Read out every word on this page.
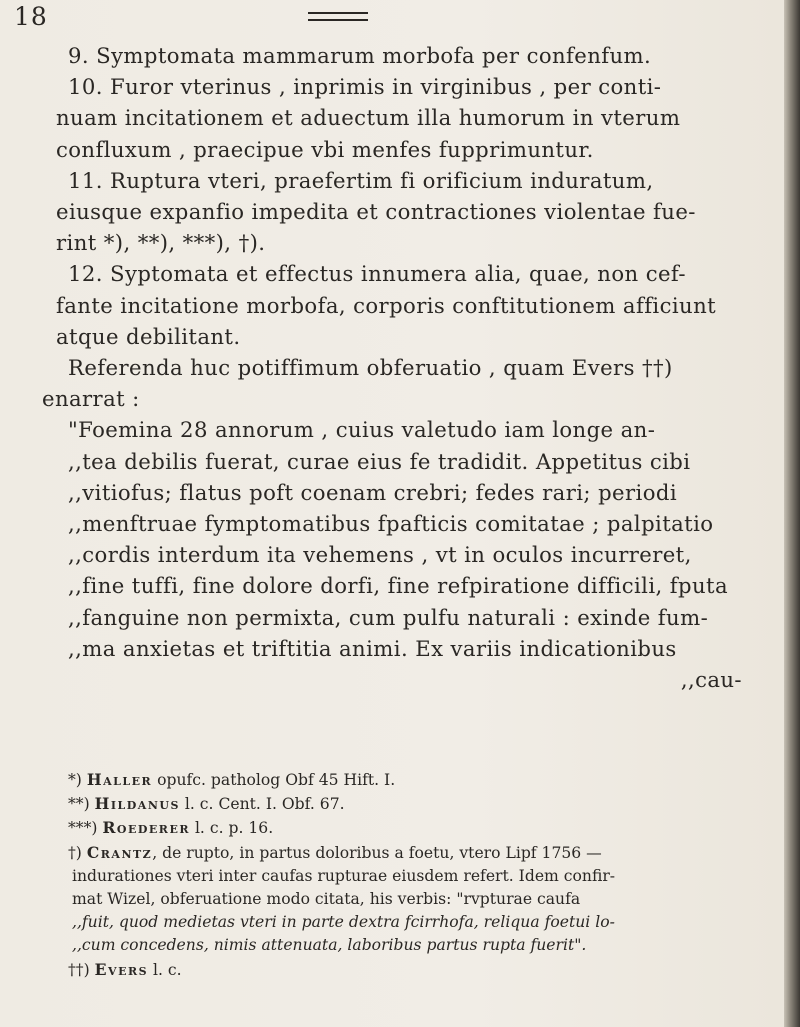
18

9. Symptomata mammarum morbofa per confenfum.

10. Furor vterinus , inprimis in virginibus , per conti-

nuam incitationem et aduectum illa humorum in vterum

confluxum , praecipue vbi menfes fupprimuntur.

11. Ruptura vteri, praefertim fi orificium induratum,

eiusque expanfio impedita et contractiones violentae fue-

rint *), **), ***), †).

12. Syptomata et effectus innumera alia, quae, non cef-

fante incitatione morbofa, corporis conftitutionem afficiunt

atque debilitant.

Referenda huc potiffimum obferuatio , quam Evers ††)

enarrat :

"Foemina 28 annorum , cuius valetudo iam longe an-

,,tea debilis fuerat, curae eius fe tradidit. Appetitus cibi

,,vitiofus; flatus poft coenam crebri; fedes rari; periodi

,,menftruae fymptomatibus fpafticis comitatae ; palpitatio

,,cordis interdum ita vehemens , vt in oculos incurreret,

,,fine tuffi, fine dolore dorfi, fine refpiratione difficili, fputa

,,fanguine non permixta, cum pulfu naturali : exinde fum-

,,ma anxietas et triftitia animi. Ex variis indicationibus

,,cau-

*) Haller opufc. patholog Obf 45 Hift. I.

**) Hildanus l. c. Cent. I. Obf. 67.

***) Roederer l. c. p. 16.

†) Crantz, de rupto, in partus doloribus a foetu, vtero Lipf 1756 —

indurationes vteri inter caufas rupturae eiusdem refert. Idem confir-

mat Wizel, obferuatione modo citata, his verbis: "rvpturae caufa

,,fuit, quod medietas vteri in parte dextra fcirrhofa, reliqua foetui lo-

,,cum concedens, nimis attenuata, laboribus partus rupta fuerit".

††) Evers l. c.
